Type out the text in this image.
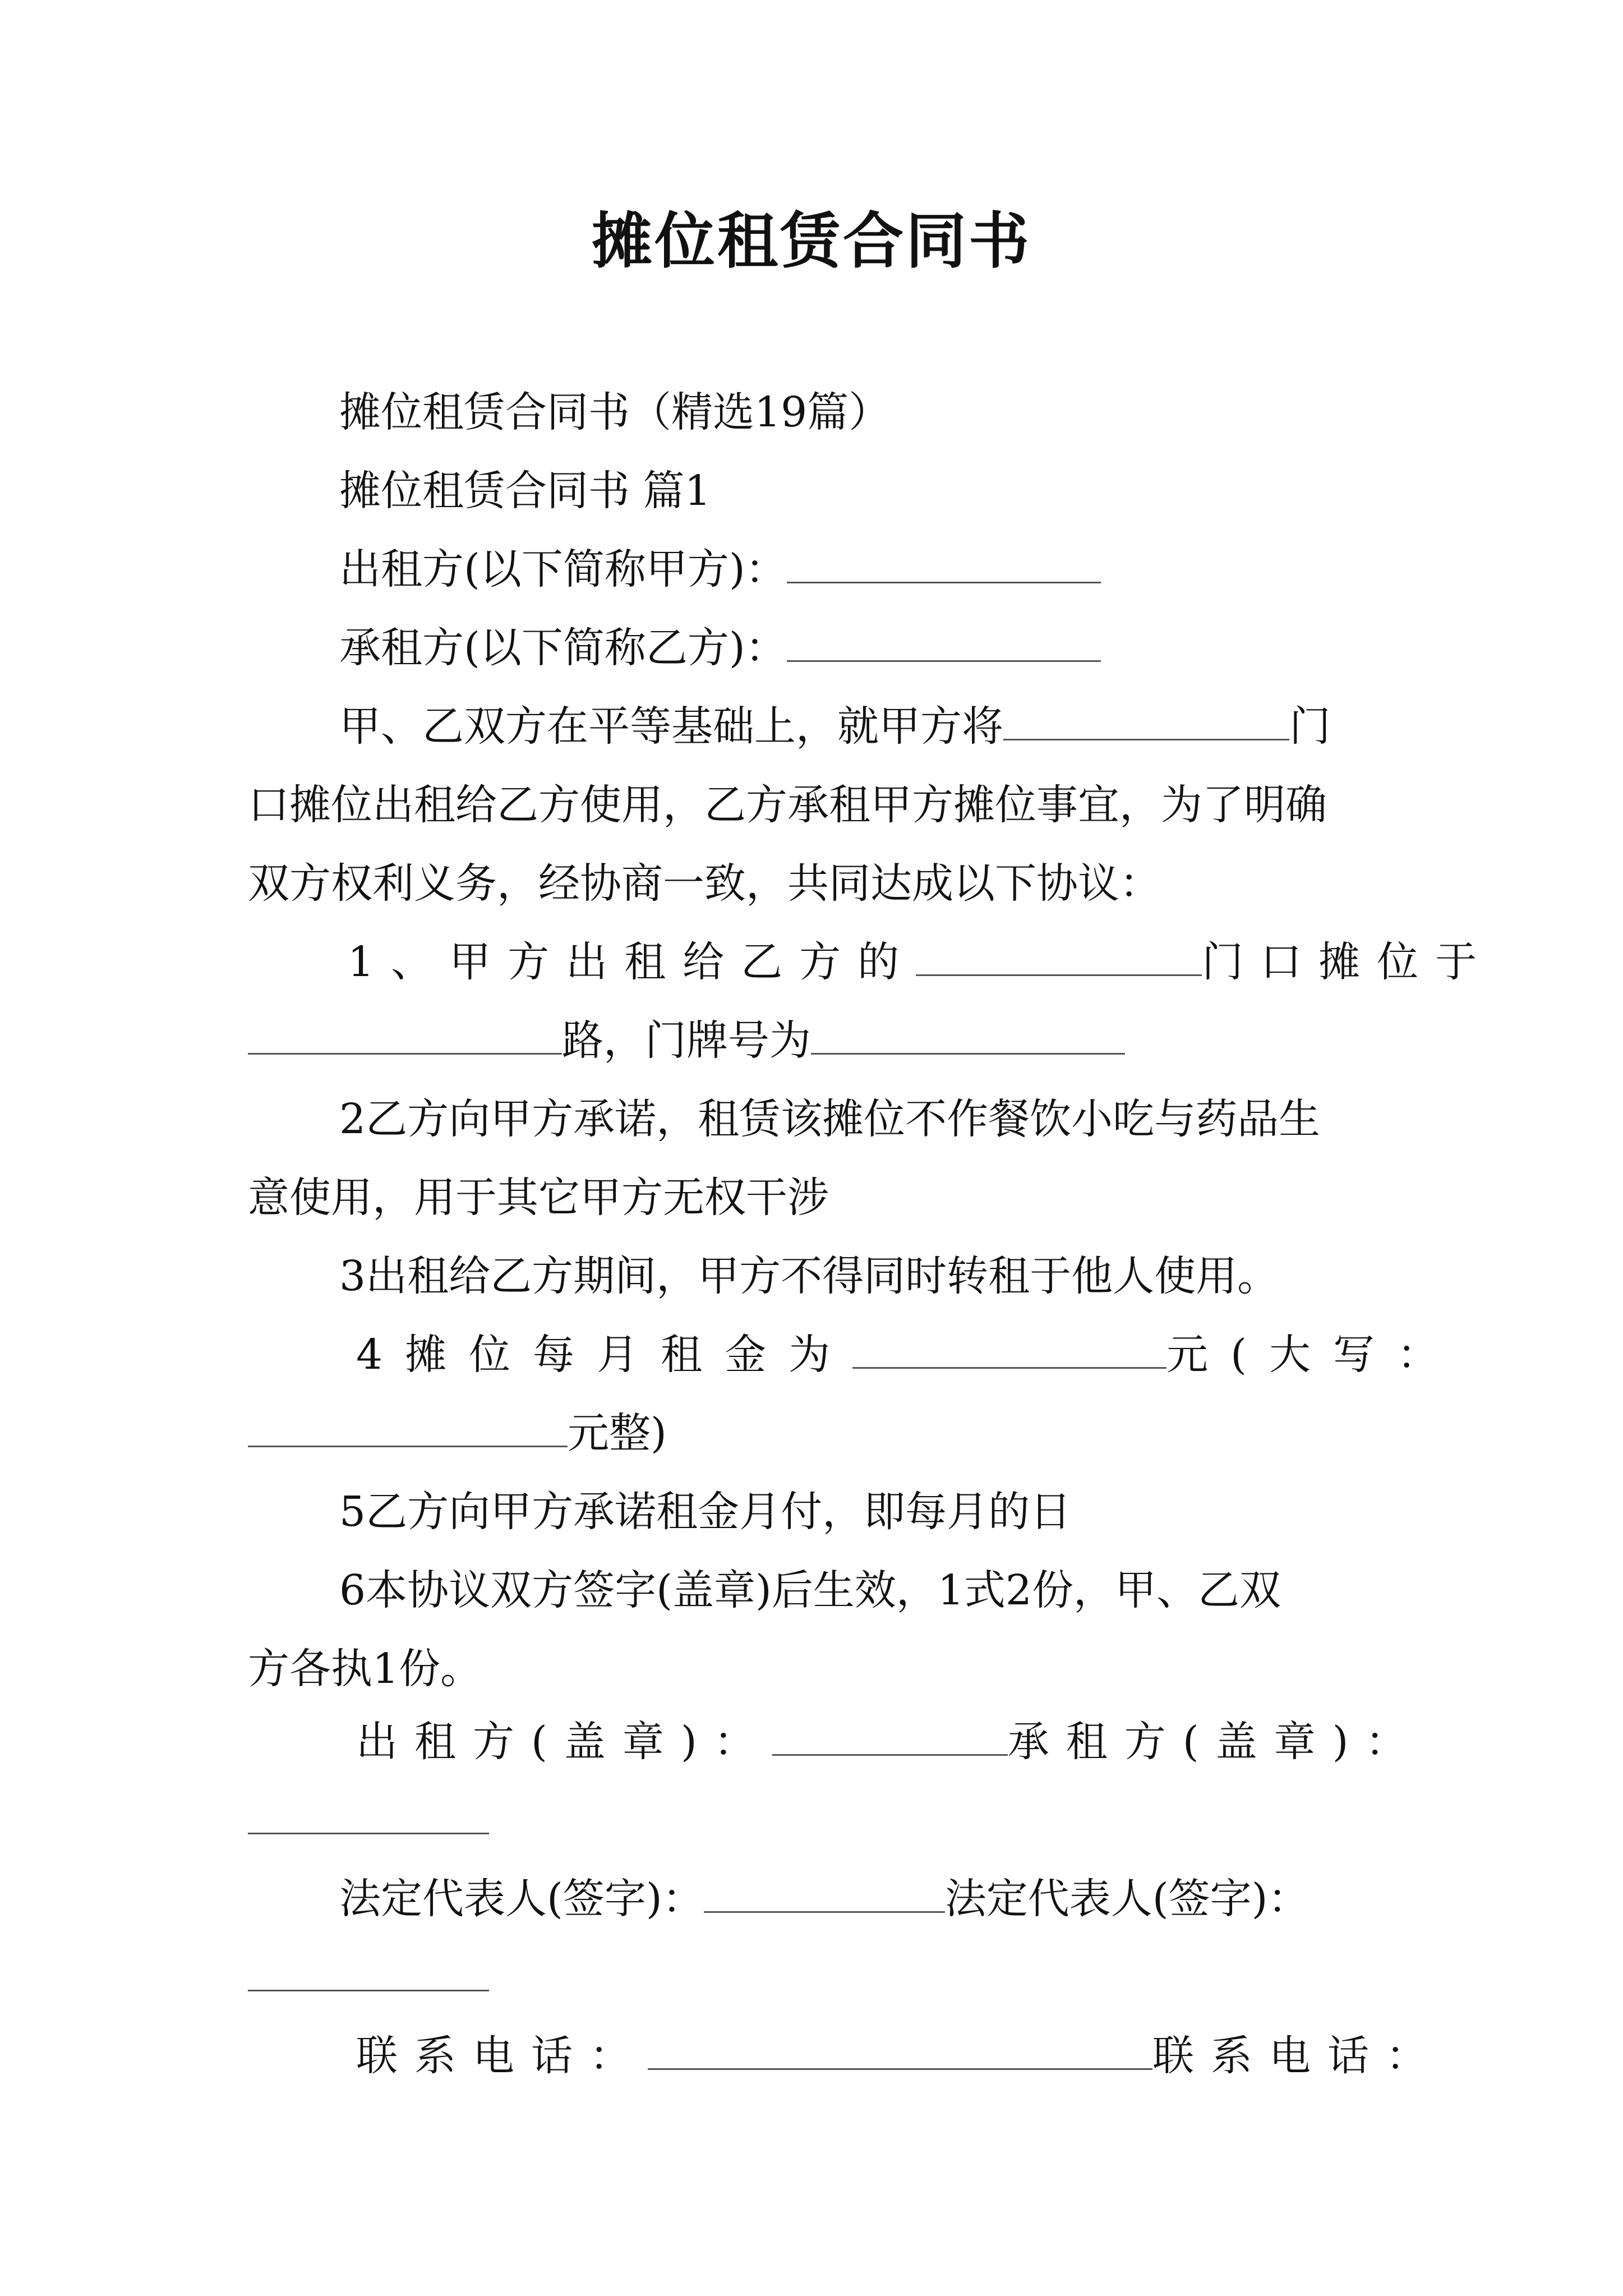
摊位租赁合同书
摊位租赁合同书（精选19篇）
摊位租赁合同书 篇1
出租方(以下简称甲方)：
承租方(以下简称乙方)：
甲、乙双方在平等基础上，就甲方将	门
口摊位出租给乙方使用，乙方承租甲方摊位事宜，为了明确
双方权利义务，经协商一致，共同达成以下协议：
1、甲方出租给乙方的	门口摊位于
路，门牌号为
2乙方向甲方承诺，租赁该摊位不作餐饮小吃与药品生
意使用，用于其它甲方无权干涉
3出租给乙方期间，甲方不得同时转租于他人使用。
4摊位每月租金为	元(大写：
元整)
5乙方向甲方承诺租金月付，即每月的日
6本协议双方签字(盖章)后生效，1式2份，甲、乙双
方各执1份。
出租方(盖章)：	承租方(盖章)：
法定代表人(签字)：	法定代表人(签字)：
联系电话：	联系电话：
